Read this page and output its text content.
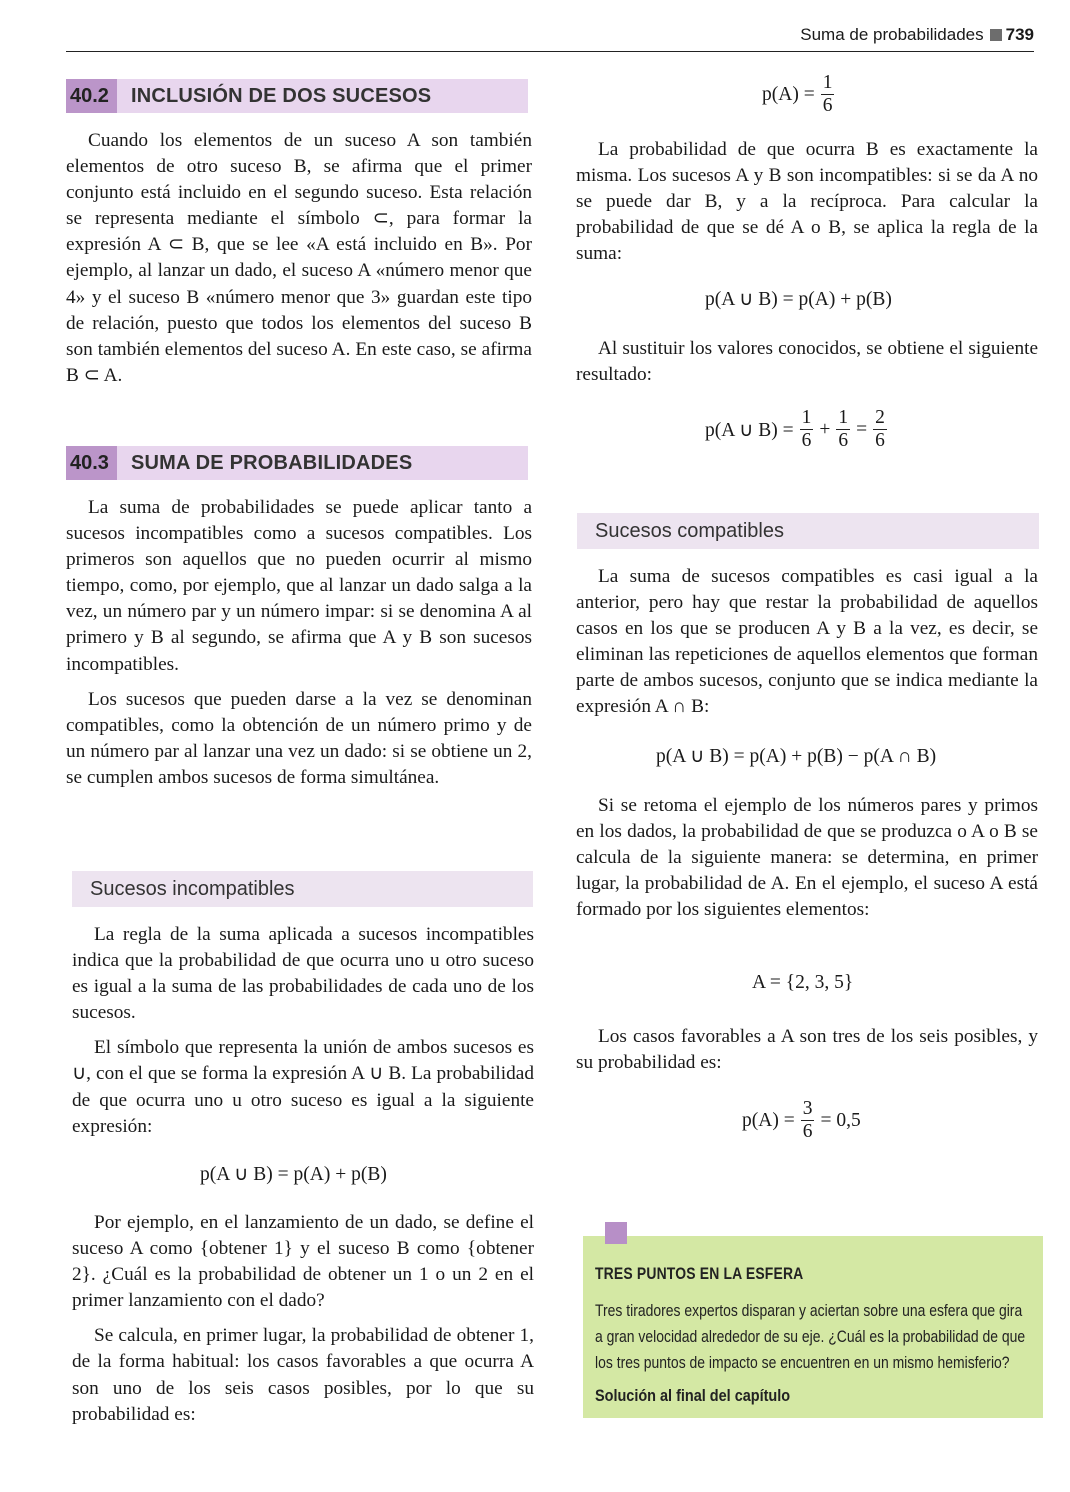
Suma de probabilidades 739
40.2	INCLUSIÓN DE DOS SUCESOS

Cuando los elementos de un suceso A son también elementos de otro suceso B, se afirma que el primer conjunto está incluido en el segundo suceso. Esta relación se representa mediante el símbolo ⊂, para formar la expresión A ⊂ B, que se lee «A está incluido en B». Por ejemplo, al lanzar un dado, el suceso A «número menor que 4» y el suceso B «número menor que 3» guardan este tipo de relación, puesto que todos los elementos del suceso B son también elementos del suceso A. En este caso, se afirma B ⊂ A.

40.3	SUMA DE PROBABILIDADES

La suma de probabilidades se puede aplicar tanto a sucesos incompatibles como a sucesos compatibles. Los primeros son aquellos que no pueden ocurrir al mismo tiempo, como, por ejemplo, que al lanzar un dado salga a la vez, un número par y un número impar: si se denomina A al primero y B al segundo, se afirma que A y B son sucesos incompatibles.

Los sucesos que pueden darse a la vez se denominan compatibles, como la obtención de un número primo y de un número par al lanzar una vez un dado: si se obtiene un 2, se cumplen ambos sucesos de forma simultánea.

Sucesos incompatibles

La regla de la suma aplicada a sucesos incompatibles indica que la probabilidad de que ocurra uno u otro suceso es igual a la suma de las probabilidades de cada uno de los sucesos.

El símbolo que representa la unión de ambos sucesos es ∪, con el que se forma la expresión A ∪ B. La probabilidad de que ocurra uno u otro suceso es igual a la siguiente expresión:

p(A ∪ B) = p(A) + p(B)

Por ejemplo, en el lanzamiento de un dado, se define el suceso A como {obtener 1} y el suceso B como {obtener 2}. ¿Cuál es la probabilidad de obtener un 1 o un 2 en el primer lanzamiento con el dado?

Se calcula, en primer lugar, la probabilidad de obtener 1, de la forma habitual: los casos favorables a que ocurra A son uno de los seis casos posibles, por lo que su probabilidad es:

$p(A) = \frac{1}{6}$

La probabilidad de que ocurra B es exactamente la misma. Los sucesos A y B son incompatibles: si se da A no se puede dar B, y a la recíproca. Para calcular la probabilidad de que se dé A o B, se aplica la regla de la suma:

p(A ∪ B) = p(A) + p(B)

Al sustituir los valores conocidos, se obtiene el siguiente resultado:

p(A ∪ $B) = \frac{1}{6} + \frac{1}{6} = \frac{2}{6}$
Sucesos compatibles

La suma de sucesos compatibles es casi igual a la anterior, pero hay que restar la probabilidad de aquellos casos en los que se producen A y B a la vez, es decir, se eliminan las repeticiones de aquellos elementos que forman parte de ambos sucesos, conjunto que se indica mediante la expresión A ∩ B:

p(A ∪ B) = p(A) + p(B) − p(A ∩ B)

Si se retoma el ejemplo de los números pares y primos en los dados, la probabilidad de que se produzca o A o B se calcula de la siguiente manera: se determina, en primer lugar, la probabilidad de A. En el ejemplo, el suceso A está formado por los siguientes elementos:

A = {2, 3, 5}

Los casos favorables a A son tres de los seis posibles, y su probabilidad es:

$p(A) = \frac{3}{6} = 0,5$
TRES PUNTOS EN LA ESFERA
Tres tiradores expertos disparan y aciertan sobre una esfera que gira a gran velocidad alrededor de su eje. ¿Cuál es la probabilidad de que los tres puntos de impacto se encuentren en un mismo hemisferio?
Solución al final del capítulo
